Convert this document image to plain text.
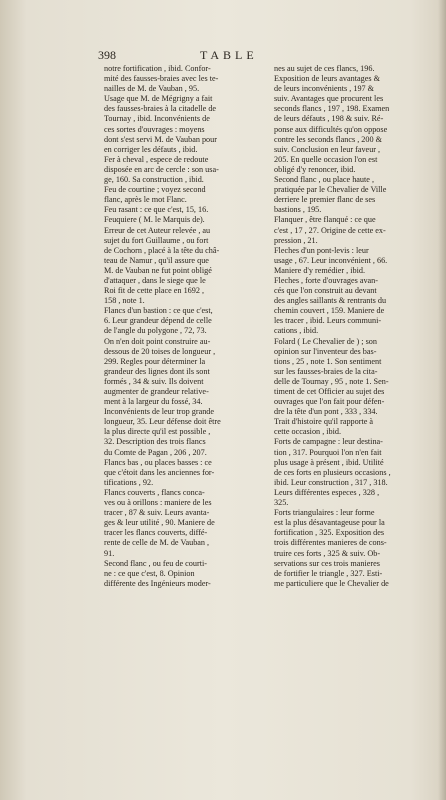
398	TABLE
notre fortification , ibid. Confor-
mité des fausses-braies avec les te-
nailles de M. de Vauban , 95.
Usage que M. de Mégrigny a fait
des fausses-braies à la citadelle de
Tournay , ibid. Inconvénients de
ces sortes d'ouvrages : moyens
dont s'est servi M. de Vauban pour
en corriger les défauts , ibid.
Fer à cheval , espece de redoute
disposée en arc de cercle : son usa-
ge, 160. Sa construction , ibid.
Feu de courtine ; voyez second
flanc, après le mot Flanc.
Feu rasant : ce que c'est, 15, 16.
Feuquiere ( M. le Marquis de).
Erreur de cet Auteur relevée , au
sujet du fort Guillaume , ou fort
de Cochorn , placé à la tête du châ-
teau de Namur , qu'il assure que
M. de Vauban ne fut point obligé
d'attaquer , dans le siege que le
Roi fit de cette place en 1692 ,
158 , note 1.
Flancs d'un bastion : ce que c'est,
6. Leur grandeur dépend de celle
de l'angle du polygone , 72, 73.
On n'en doit point construire au-
dessous de 20 toises de longueur ,
299. Regles pour déterminer la
grandeur des lignes dont ils sont
formés , 34 & suiv. Ils doivent
augmenter de grandeur relative-
ment à la largeur du fossé, 34.
Inconvénients de leur trop grande
longueur, 35. Leur défense doit être
la plus directe qu'il est possible ,
32. Description des trois flancs
du Comte de Pagan , 206 , 207.
Flancs bas , ou places basses : ce
que c'étoit dans les anciennes for-
tifications , 92.
Flancs couverts , flancs conca-
ves ou à orillons : maniere de les
tracer , 87 & suiv. Leurs avanta-
ges & leur utilité , 90. Maniere de
tracer les flancs couverts, diffé-
rente de celle de M. de Vauban ,
91.
Second flanc , ou feu de courti-
ne : ce que c'est, 8. Opinion
différente des Ingénieurs moder-
nes au sujet de ces flancs, 196.
Exposition de leurs avantages &
de leurs inconvénients , 197 &
suiv. Avantages que procurent les
seconds flancs , 197 , 198. Examen
de leurs défauts , 198 & suiv. Ré-
ponse aux difficultés qu'on oppose
contre les seconds flancs , 200 &
suiv. Conclusion en leur faveur ,
205. En quelle occasion l'on est
obligé d'y renoncer, ibid.
Second flanc , ou place haute ,
pratiquée par le Chevalier de Ville
derriere le premier flanc de ses
bastions , 195.
Flanquer , être flanqué : ce que
c'est , 17 , 27. Origine de cette ex-
pression , 21.
Fleches d'un pont-levis : leur
usage , 67. Leur inconvénient , 66.
Maniere d'y remédier , ibid.
Fleches , forte d'ouvrages avan-
cés que l'on construit au devant
des angles saillants & rentrants du
chemin couvert , 159. Maniere de
les tracer , ibid. Leurs communi-
cations , ibid.
Folard ( Le Chevalier de ) ; son
opinion sur l'inventeur des bas-
tions , 25 , note 1. Son sentiment
sur les fausses-braies de la cita-
delle de Tournay , 95 , note 1. Sen-
timent de cet Officier au sujet des
ouvrages que l'on fait pour défen-
dre la tête d'un pont , 333 , 334.
Trait d'histoire qu'il rapporte à
cette occasion , ibid.
Forts de campagne : leur destina-
tion , 317. Pourquoi l'on n'en fait
plus usage à présent , ibid. Utilité
de ces forts en plusieurs occasions ,
ibid. Leur construction , 317 , 318.
Leurs différentes especes , 328 ,
325.
Forts triangulaires : leur forme
est la plus désavantageuse pour la
fortification , 325. Exposition des
trois différentes manieres de cons-
truire ces forts , 325 & suiv. Ob-
servations sur ces trois manieres
de fortifier le triangle , 327. Esti-
me particuliere que le Chevalier de
